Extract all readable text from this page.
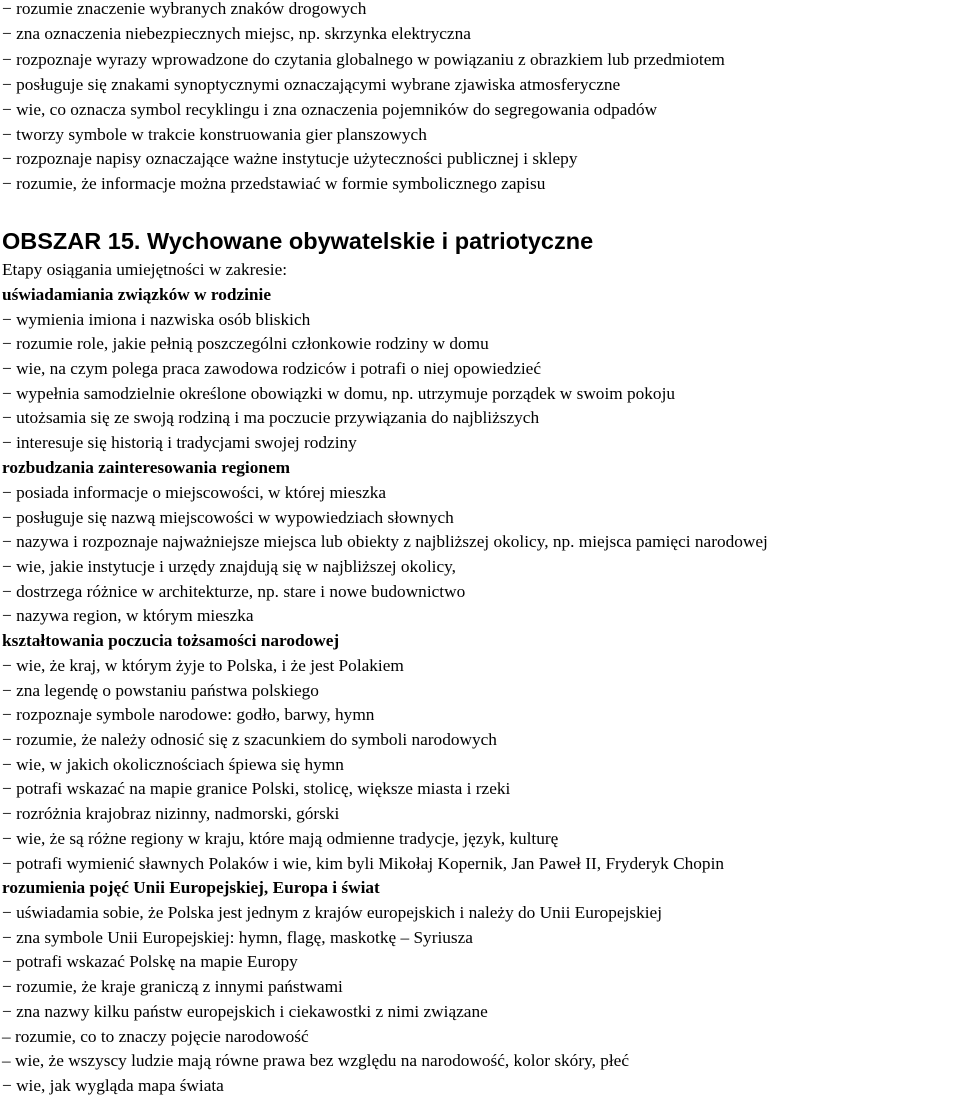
− rozumie znaczenie wybranych znaków drogowych
− zna oznaczenia niebezpiecznych miejsc, np. skrzynka elektryczna
− rozpoznaje wyrazy wprowadzone do czytania globalnego w powiązaniu z obrazkiem lub przedmiotem
− posługuje się znakami synoptycznymi oznaczającymi wybrane zjawiska atmosferyczne
− wie, co oznacza symbol recyklingu i zna oznaczenia pojemników do segregowania odpadów
− tworzy symbole w trakcie konstruowania gier planszowych
− rozpoznaje napisy oznaczające ważne instytucje użyteczności publicznej i sklepy
− rozumie, że informacje można przedstawiać w formie symbolicznego zapisu
OBSZAR 15. Wychowane obywatelskie i patriotyczne
Etapy osiągania umiejętności w zakresie:
uświadamiania związków w rodzinie
− wymienia imiona i nazwiska osób bliskich
− rozumie role, jakie pełnią poszczególni członkowie rodziny w domu
− wie, na czym polega praca zawodowa rodziców i potrafi o niej opowiedzieć
− wypełnia samodzielnie określone obowiązki w domu, np. utrzymuje porządek w swoim pokoju
− utożsamia się ze swoją rodziną i ma poczucie przywiązania do najbliższych
− interesuje się historią i tradycjami swojej rodziny
rozbudzania zainteresowania regionem
− posiada informacje o miejscowości, w której mieszka
− posługuje się nazwą miejscowości w wypowiedziach słownych
− nazywa i rozpoznaje najważniejsze miejsca lub obiekty z najbliższej okolicy, np. miejsca pamięci narodowej
− wie, jakie instytucje i urzędy znajdują się w najbliższej okolicy,
− dostrzega różnice w architekturze, np. stare i nowe budownictwo
− nazywa region, w którym mieszka
kształtowania poczucia tożsamości narodowej
− wie, że kraj, w którym żyje to Polska, i że jest Polakiem
− zna legendę o powstaniu państwa polskiego
− rozpoznaje symbole narodowe: godło, barwy, hymn
− rozumie, że należy odnosić się z szacunkiem do symboli narodowych
− wie, w jakich okolicznościach śpiewa się hymn
− potrafi wskazać na mapie granice Polski, stolicę, większe miasta i rzeki
− rozróżnia krajobraz nizinny, nadmorski, górski
− wie, że są różne regiony w kraju, które mają odmienne tradycje, język, kulturę
− potrafi wymienić sławnych Polaków i wie, kim byli Mikołaj Kopernik, Jan Paweł II, Fryderyk Chopin
rozumienia pojęć Unii Europejskiej, Europa i świat
− uświadamia sobie, że Polska jest jednym z krajów europejskich i należy do Unii Europejskiej
− zna symbole Unii Europejskiej: hymn, flagę, maskotkę – Syriusza
− potrafi wskazać Polskę na mapie Europy
− rozumie, że kraje graniczą z innymi państwami
− zna nazwy kilku państw europejskich i ciekawostki z nimi związane
– rozumie, co to znaczy pojęcie narodowość
– wie, że wszyscy ludzie mają równe prawa bez względu na narodowość, kolor skóry, płeć
− wie, jak wygląda mapa świata
